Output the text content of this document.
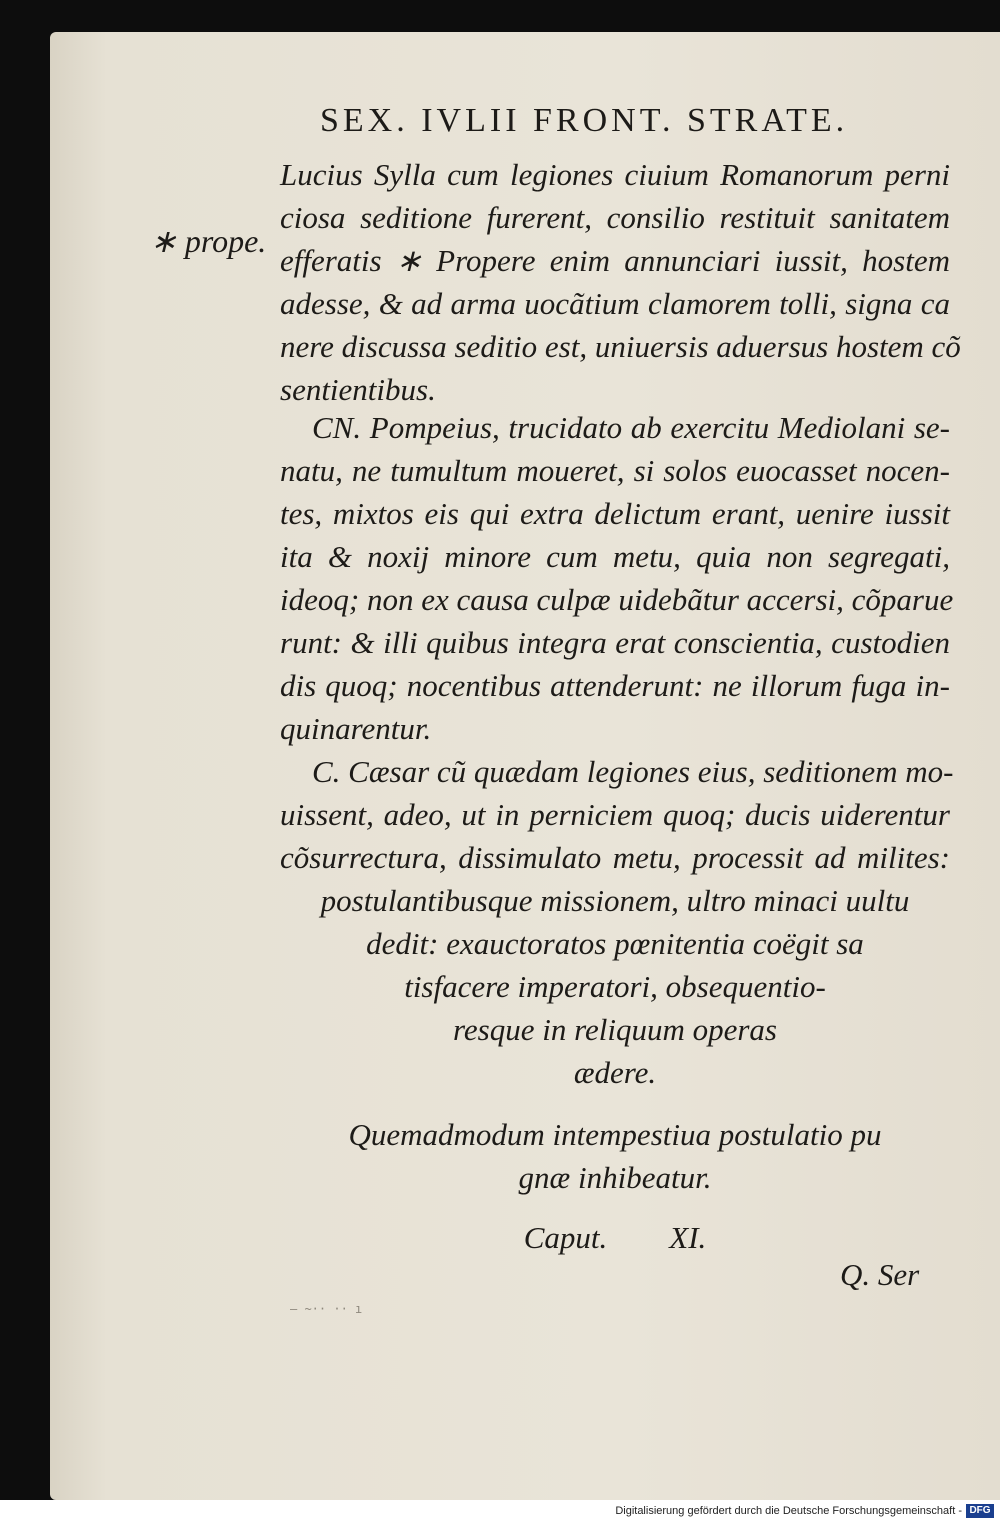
SEX. IVLII FRONT. STRATE.
∗ prope.
Lucius Sylla cum legiones ciuium Romanorum perni
ciosa seditione furerent, consilio restituit sanitatem
efferatis ∗ Propere enim annunciari iussit, hostem
adesse, & ad arma uocãtium clamorem tolli, signa ca
nere discussa seditio est, uniuersis aduersus hostem cõ
sentientibus.
CN. Pompeius, trucidato ab exercitu Mediolani se-
natu, ne tumultum moueret, si solos euocasset nocen-
tes, mixtos eis qui extra delictum erant, uenire iussit
ita & noxij minore cum metu, quia non segregati,
ideoq; non ex causa culpæ uidebãtur accersi, cõparue
runt: & illi quibus integra erat conscientia, custodien
dis quoq; nocentibus attenderunt: ne illorum fuga in-
quinarentur.
C. Cæsar cũ quædam legiones eius, seditionem mo-
uissent, adeo, ut in perniciem quoq; ducis uiderentur
cõsurrectura, dissimulato metu, processit ad milites:
postulantibusque missionem, ultro minaci uultu
dedit: exauctoratos pœnitentia coëgit sa
tisfacere imperatori, obsequentio-
resque in reliquum operas
ædere.
Quemadmodum intempestiua postulatio pu
gnæ inhibeatur.
Caput.        XI.
Q. Ser
— ~·· ·· ı
Digitalisierung gefördert durch die Deutsche Forschungsgemeinschaft - DFG
